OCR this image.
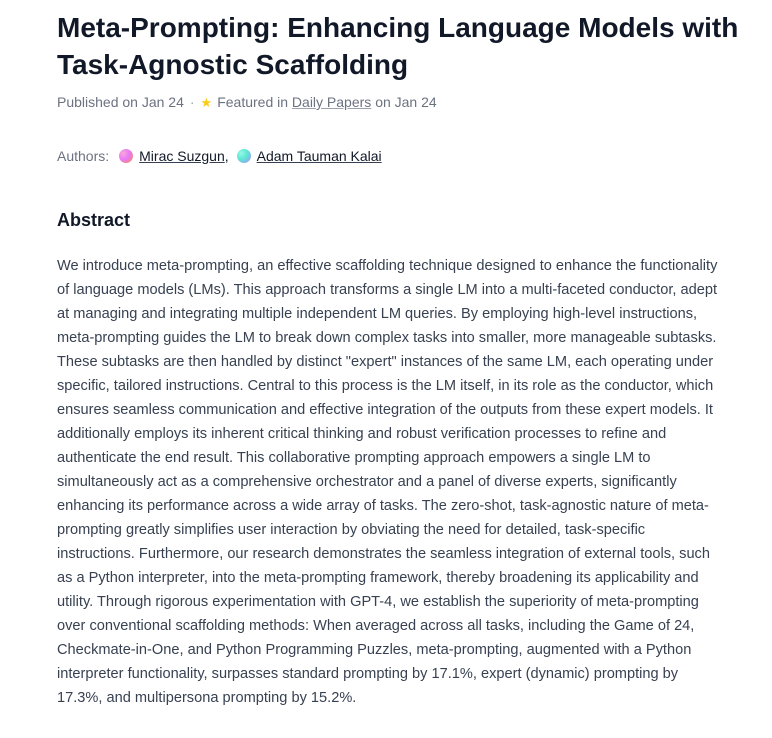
Meta-Prompting: Enhancing Language Models with Task-Agnostic Scaffolding
Published on Jan 24 · ★ Featured in Daily Papers on Jan 24
Authors: Mirac Suzgun , Adam Tauman Kalai
Abstract

We introduce meta-prompting, an effective scaffolding technique designed to enhance the functionality of language models (LMs). This approach transforms a single LM into a multi-faceted conductor, adept at managing and integrating multiple independent LM queries. By employing high-level instructions, meta-prompting guides the LM to break down complex tasks into smaller, more manageable subtasks. These subtasks are then handled by distinct "expert" instances of the same LM, each operating under specific, tailored instructions. Central to this process is the LM itself, in its role as the conductor, which ensures seamless communication and effective integration of the outputs from these expert models. It additionally employs its inherent critical thinking and robust verification processes to refine and authenticate the end result. This collaborative prompting approach empowers a single LM to simultaneously act as a comprehensive orchestrator and a panel of diverse experts, significantly enhancing its performance across a wide array of tasks. The zero-shot, task-agnostic nature of meta-prompting greatly simplifies user interaction by obviating the need for detailed, task-specific instructions. Furthermore, our research demonstrates the seamless integration of external tools, such as a Python interpreter, into the meta-prompting framework, thereby broadening its applicability and utility. Through rigorous experimentation with GPT-4, we establish the superiority of meta-prompting over conventional scaffolding methods: When averaged across all tasks, including the Game of 24, Checkmate-in-One, and Python Programming Puzzles, meta-prompting, augmented with a Python interpreter functionality, surpasses standard prompting by 17.1%, expert (dynamic) prompting by 17.3%, and multipersona prompting by 15.2%.
